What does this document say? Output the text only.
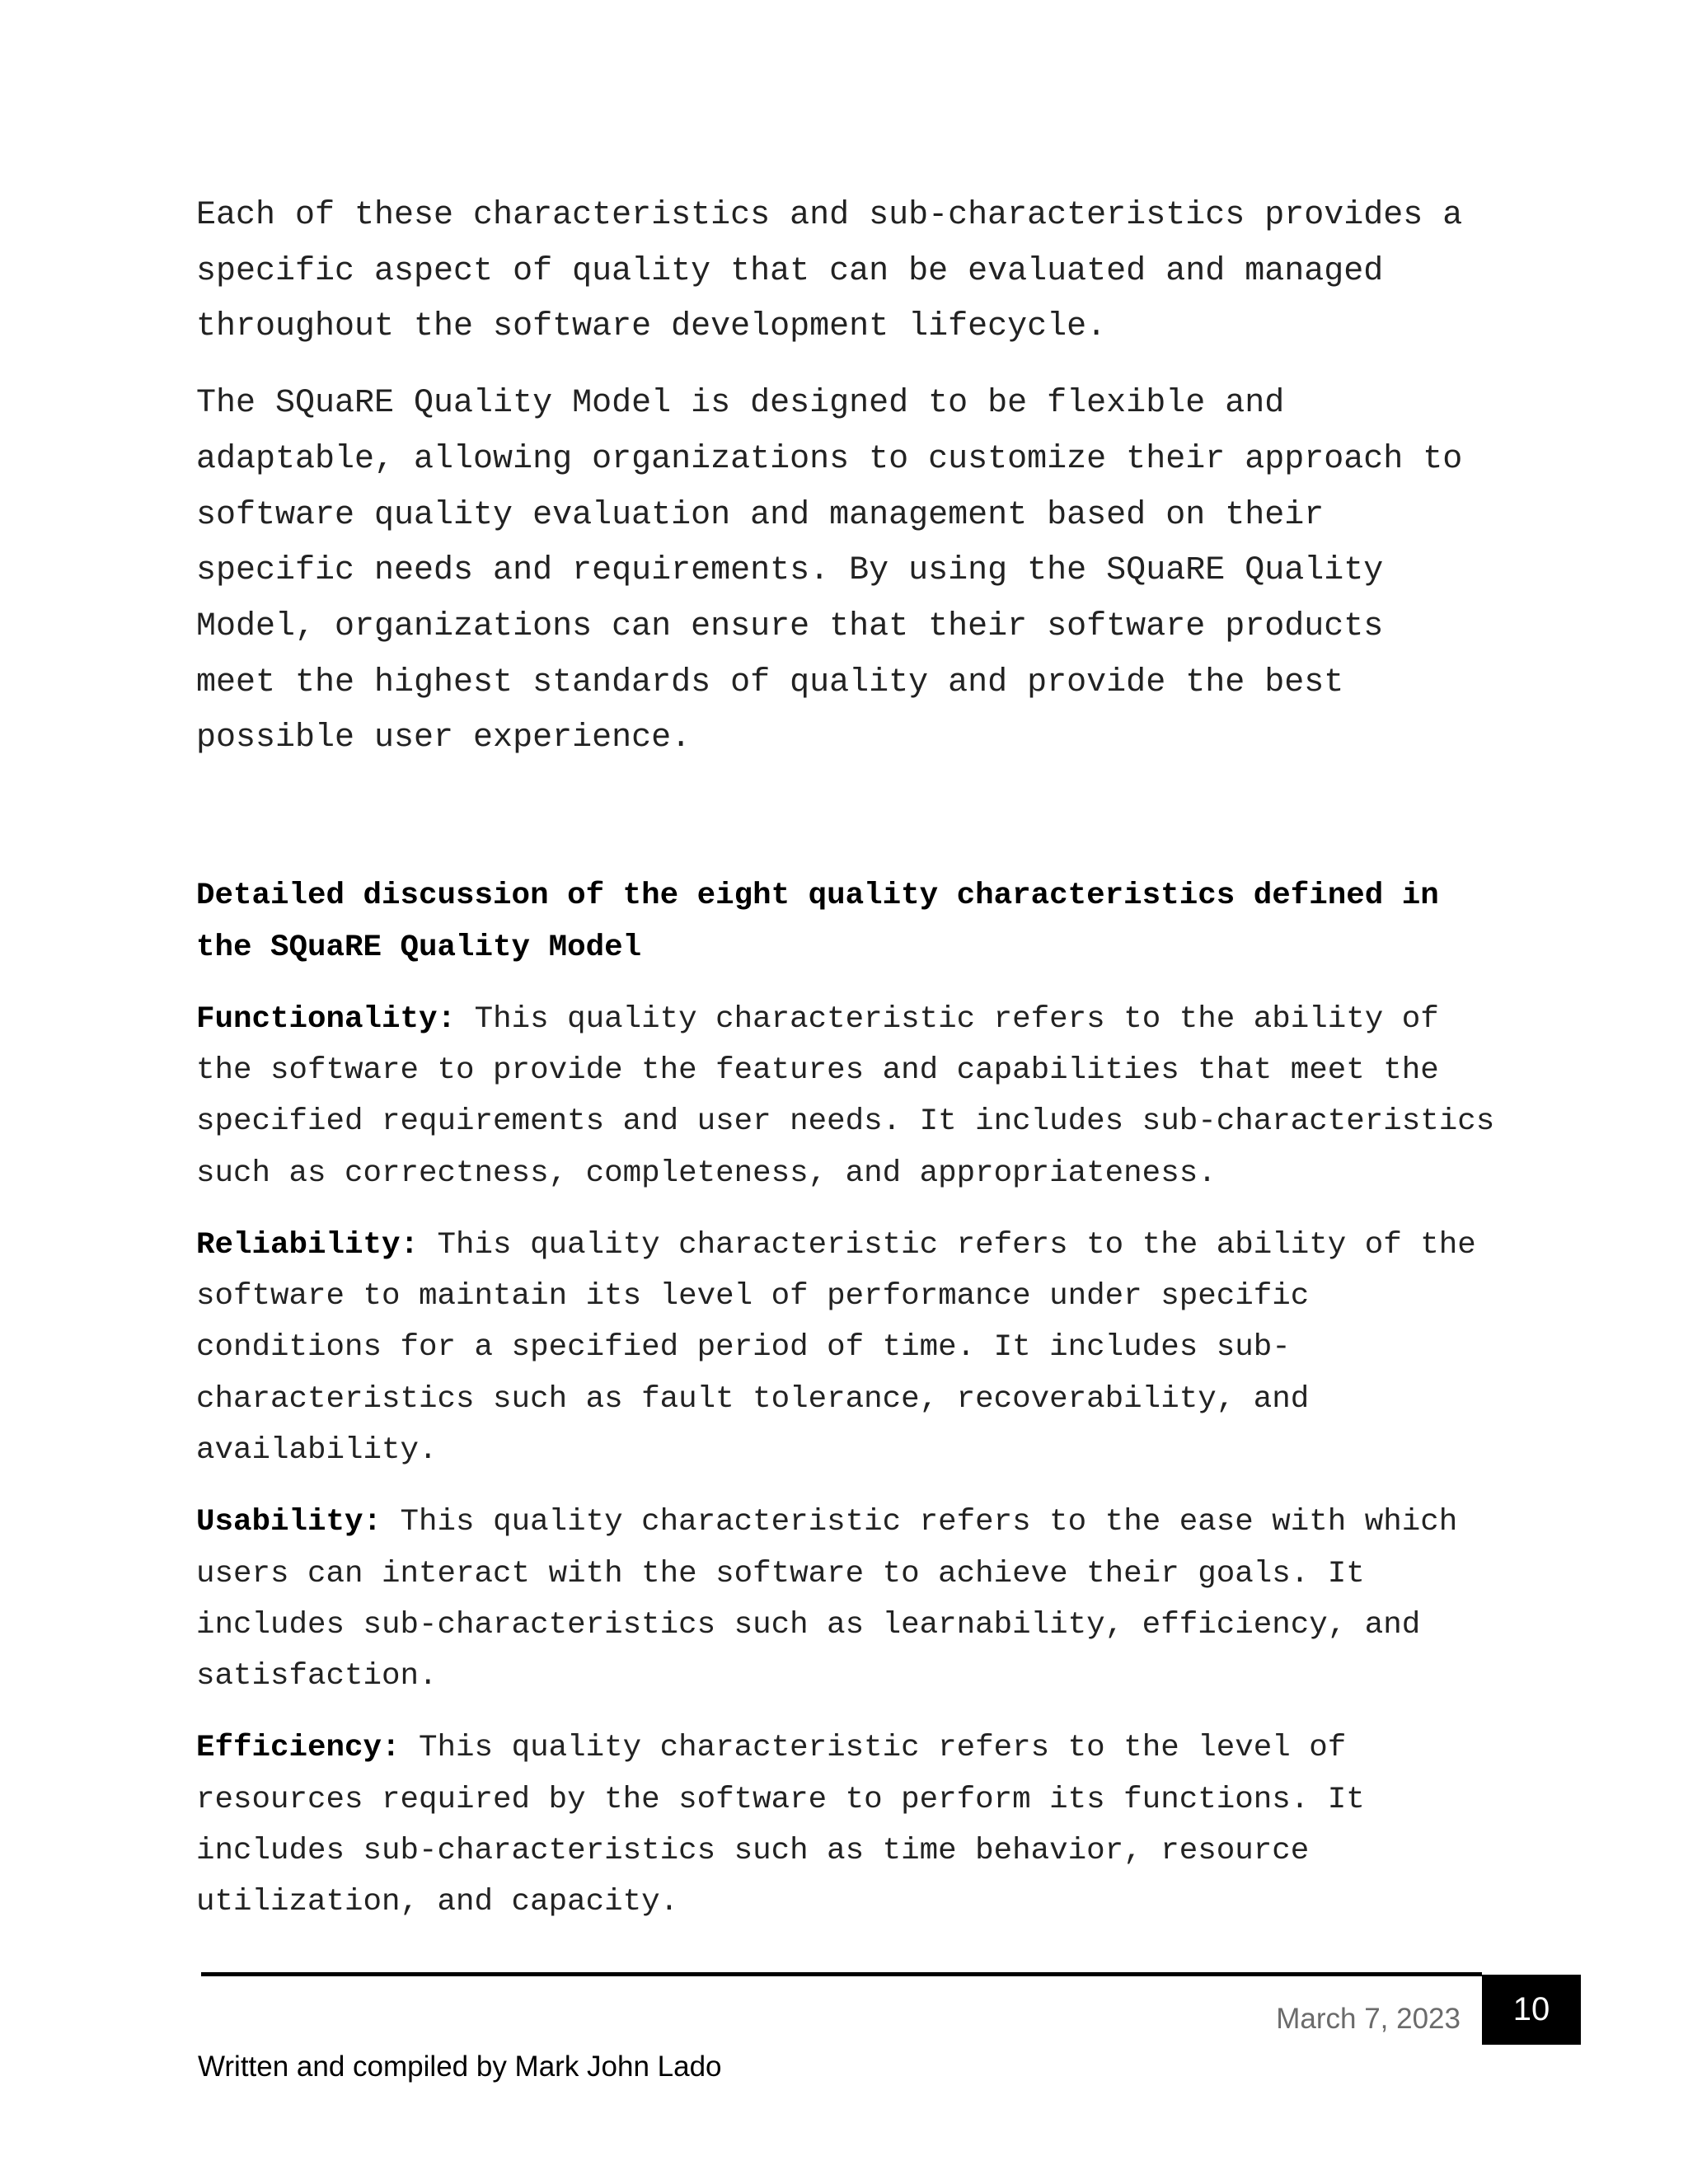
Each of these characteristics and sub-characteristics provides a
specific aspect of quality that can be evaluated and managed
throughout the software development lifecycle.

The SQuaRE Quality Model is designed to be flexible and
adaptable, allowing organizations to customize their approach to
software quality evaluation and management based on their
specific needs and requirements. By using the SQuaRE Quality
Model, organizations can ensure that their software products
meet the highest standards of quality and provide the best
possible user experience.

Detailed discussion of the eight quality characteristics defined in
the SQuaRE Quality Model

Functionality: This quality characteristic refers to the ability of
the software to provide the features and capabilities that meet the
specified requirements and user needs. It includes sub-characteristics
such as correctness, completeness, and appropriateness.

Reliability: This quality characteristic refers to the ability of the
software to maintain its level of performance under specific
conditions for a specified period of time. It includes sub-
characteristics such as fault tolerance, recoverability, and
availability.

Usability: This quality characteristic refers to the ease with which
users can interact with the software to achieve their goals. It
includes sub-characteristics such as learnability, efficiency, and
satisfaction.

Efficiency: This quality characteristic refers to the level of
resources required by the software to perform its functions. It
includes sub-characteristics such as time behavior, resource
utilization, and capacity.

March 7, 2023	10
Written and compiled by Mark John Lado
